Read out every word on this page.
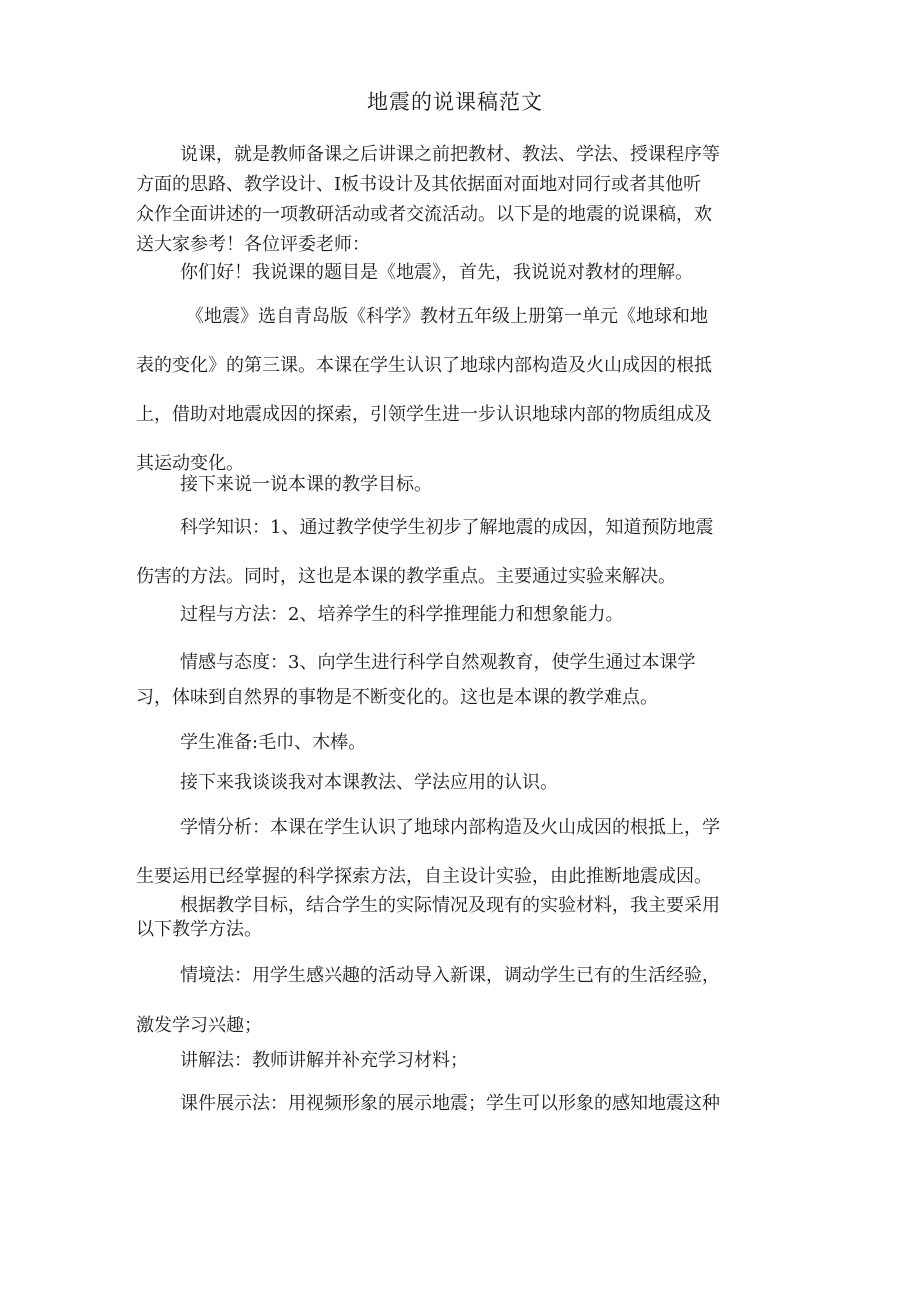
地震的说课稿范文
说课，就是教师备课之后讲课之前把教材、教法、学法、授课程序等
方面的思路、教学设计、I板书设计及其依据面对面地对同行或者其他听
众作全面讲述的一项教研活动或者交流活动。以下是的地震的说课稿，欢
送大家参考！各位评委老师：
你们好！我说课的题目是《地震》，首先，我说说对教材的理解。
《地震》选自青岛版《科学》教材五年级上册第一单元《地球和地
表的变化》的第三课。本课在学生认识了地球内部构造及火山成因的根抵
上，借助对地震成因的探索，引领学生进一步认识地球内部的物质组成及
其运动变化。
接下来说一说本课的教学目标。
科学知识：1、通过教学使学生初步了解地震的成因，知道预防地震
伤害的方法。同时，这也是本课的教学重点。主要通过实验来解决。
过程与方法：2、培养学生的科学推理能力和想象能力。
情感与态度：3、向学生进行科学自然观教育，使学生通过本课学
习，体味到自然界的事物是不断变化的。这也是本课的教学难点。
学生准备:毛巾、木棒。
接下来我谈谈我对本课教法、学法应用的认识。
学情分析：本课在学生认识了地球内部构造及火山成因的根抵上，学
生要运用已经掌握的科学探索方法，自主设计实验，由此推断地震成因。
根据教学目标，结合学生的实际情况及现有的实验材料，我主要采用
以下教学方法。
情境法：用学生感兴趣的活动导入新课，调动学生已有的生活经验，
激发学习兴趣；
讲解法：教师讲解并补充学习材料；
课件展示法：用视频形象的展示地震；学生可以形象的感知地震这种
